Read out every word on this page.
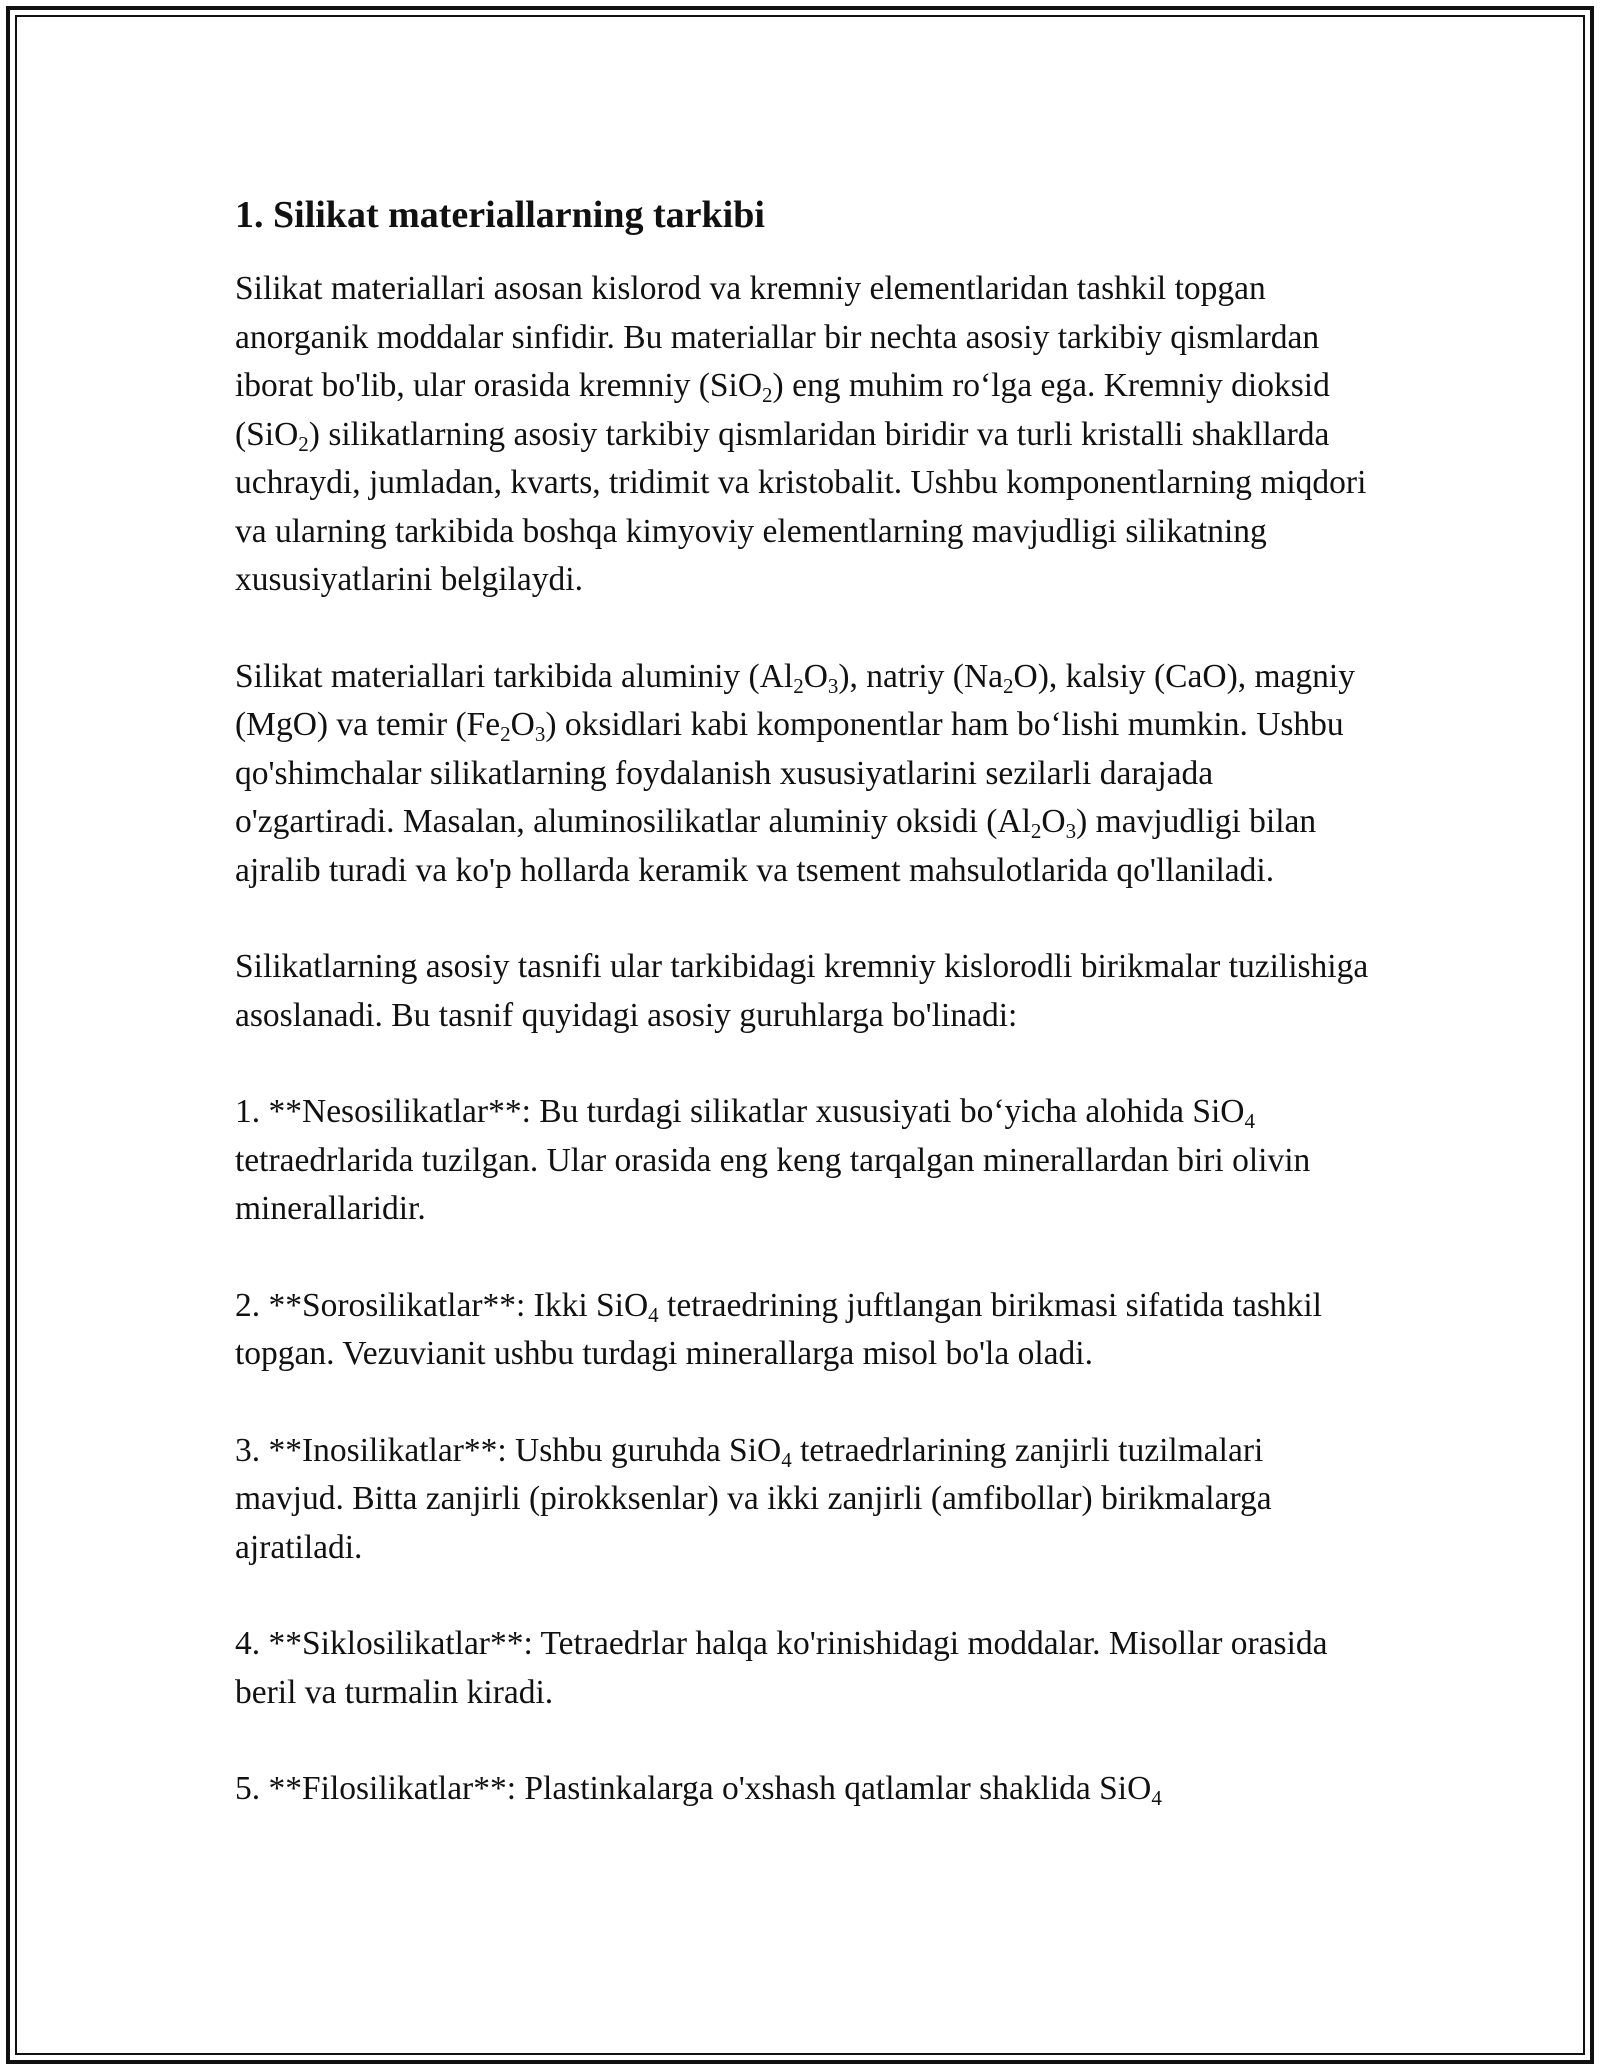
1. Silikat materiallarning tarkibi

Silikat materiallari asosan kislorod va kremniy elementlaridan tashkil topgan anorganik moddalar sinfidir. Bu materiallar bir nechta asosiy tarkibiy qismlardan iborat bo'lib, ular orasida kremniy (SiO$_2$) eng muhim ro‘lga ega. Kremniy dioksid (SiO$_2$) silikatlarning asosiy tarkibiy qismlaridan biridir va turli kristalli shakllarda uchraydi, jumladan, kvarts, tridimit va kristobalit. Ushbu komponentlarning miqdori va ularning tarkibida boshqa kimyoviy elementlarning mavjudligi silikatning xususiyatlarini belgilaydi.

Silikat materiallari tarkibida aluminiy $(Al_2O_3)$, natriy $(Na_2O)$, kalsiy (CaO), magniy (MgO) va temir $(Fe_2O_3)$ oksidlari kabi komponentlar ham bo‘lishi mumkin. Ushbu qo'shimchalar silikatlarning foydalanish xususiyatlarini sezilarli darajada o'zgartiradi. Masalan, aluminosilikatlar aluminiy oksidi $(Al_2O_3)$ mavjudligi bilan ajralib turadi va ko'p hollarda keramik va tsement mahsulotlarida qo'llaniladi.

Silikatlarning asosiy tasnifi ular tarkibidagi kremniy kislorodli birikmalar tuzilishiga asoslanadi. Bu tasnif quyidagi asosiy guruhlarga bo'linadi:

1. **Nesosilikatlar**: Bu turdagi silikatlar xususiyati bo‘yicha alohida SiO$_4$ tetraedrlarida tuzilgan. Ular orasida eng keng tarqalgan minerallardan biri olivin minerallaridir.

2. **Sorosilikatlar**: Ikki SiO$_4$ tetraedrining juftlangan birikmasi sifatida tashkil topgan. Vezuvianit ushbu turdagi minerallarga misol bo'la oladi.

3. **Inosilikatlar**: Ushbu guruhda SiO$_4$ tetraedrlarining zanjirli tuzilmalari mavjud. Bitta zanjirli (pirokksenlar) va ikki zanjirli (amfibollar) birikmalarga ajratiladi.

4. **Siklosilikatlar**: Tetraedrlar halqa ko'rinishidagi moddalar. Misollar orasida beril va turmalin kiradi.

5. **Filosilikatlar**: Plastinkalarga o'xshash qatlamlar shaklida SiO$_4$
